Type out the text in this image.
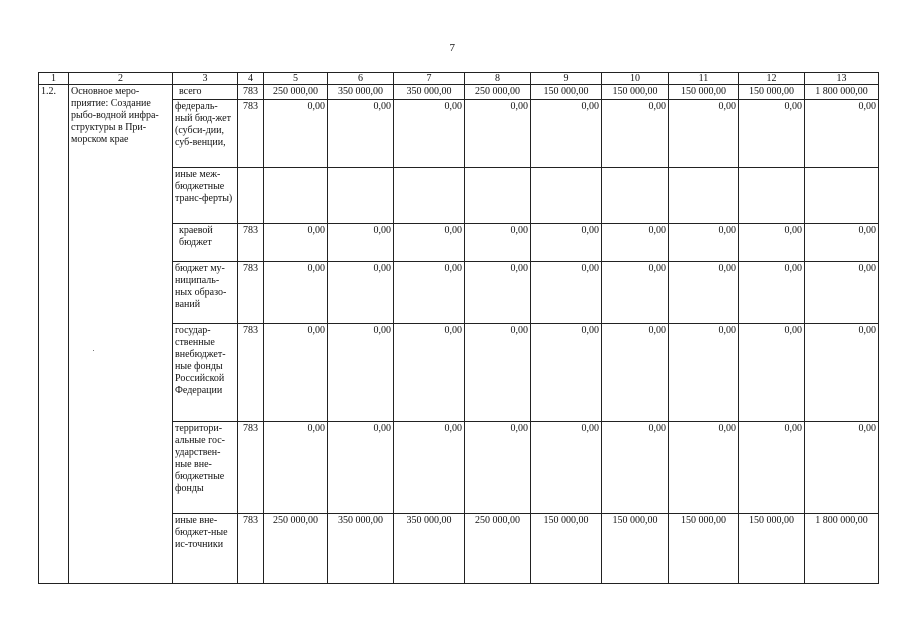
7
1	2	3	4	5	6	7	8	9	10	11	12	13
1.2.	Основное меро-приятие: Создание рыбо-водной инфра-структуры в При-морском крае	всего	783	250 000,00	350 000,00	350 000,00	250 000,00	150 000,00	150 000,00	150 000,00	150 000,00	1 800 000,00
		федераль-ный бюд-жет (субси-дии, суб-венции,	783	0,00	0,00	0,00	0,00	0,00	0,00	0,00	0,00	0,00
		иные меж-бюджетные транс-ферты)										
		краевой бюджет	783	0,00	0,00	0,00	0,00	0,00	0,00	0,00	0,00	0,00
		бюджет му-ниципаль-ных образо-ваний	783	0,00	0,00	0,00	0,00	0,00	0,00	0,00	0,00	0,00
		государ-ственные внебюджет-ные фонды Российской Федерации	783	0,00	0,00	0,00	0,00	0,00	0,00	0,00	0,00	0,00
		территори-альные гос-ударствен-ные вне-бюджетные фонды	783	0,00	0,00	0,00	0,00	0,00	0,00	0,00	0,00	0,00
		иные вне-бюджет-ные ис-точники	783	250 000,00	350 000,00	350 000,00	250 000,00	150 000,00	150 000,00	150 000,00	150 000,00	1 800 000,00
